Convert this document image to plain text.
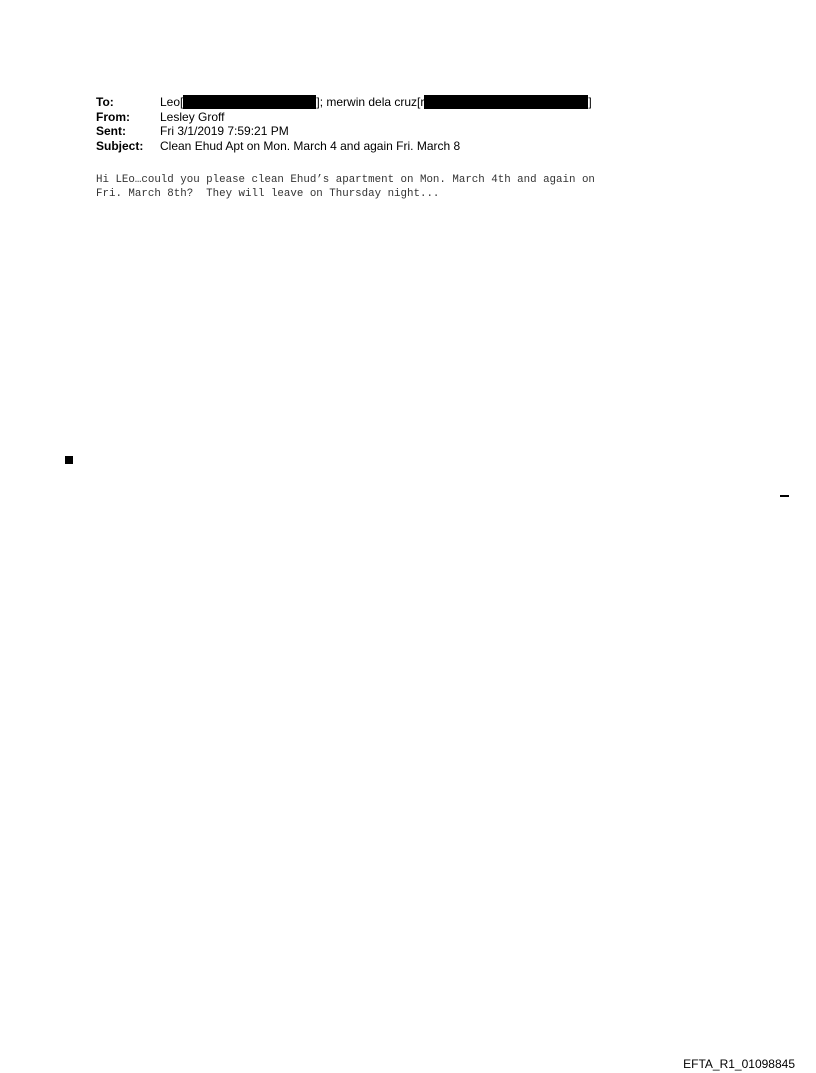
To:	Leo[	]; merwin dela cruz[ r	]
From:	Lesley Groff
Sent:	Fri 3/1/2019 7:59:21 PM
Subject:	Clean Ehud Apt on Mon. March 4 and again Fri. March 8
Hi LEo…could you please clean Ehud’s apartment on Mon. March 4th and again on
Fri. March 8th?  They will leave on Thursday night...
EFTA_R1_01098845
